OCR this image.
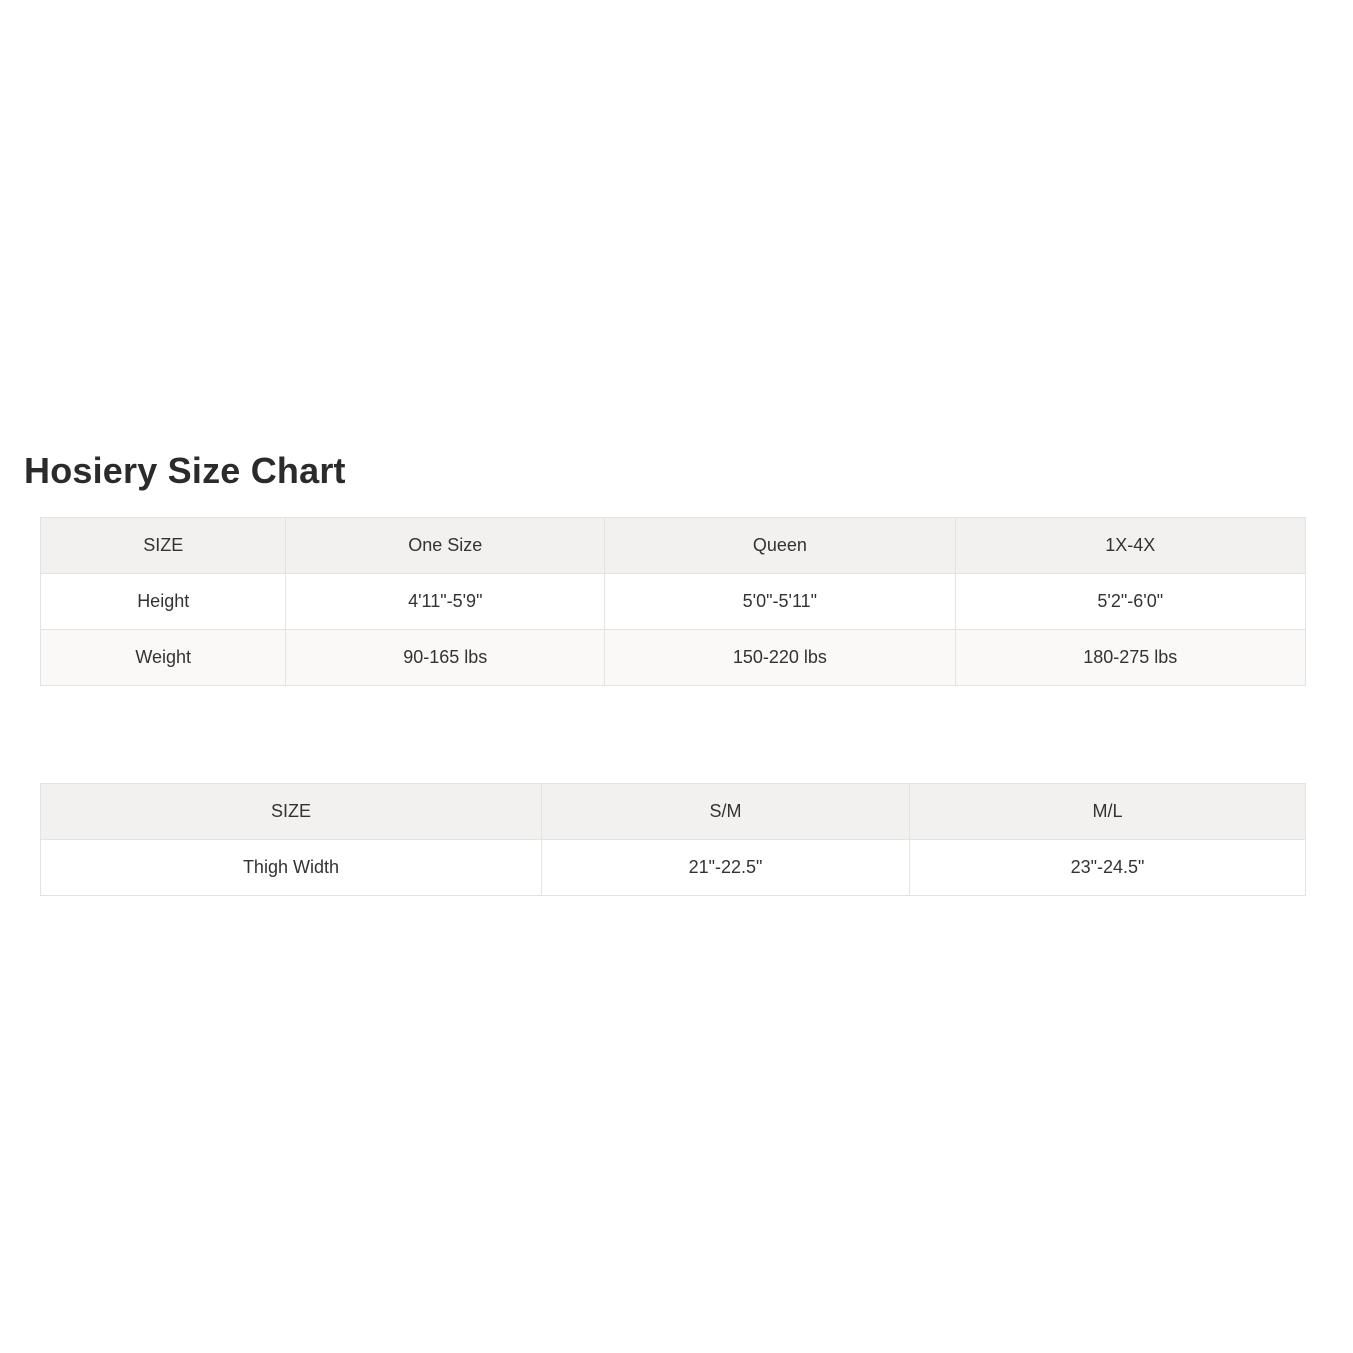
Hosiery Size Chart
SIZE	One Size	Queen	1X-4X
Height	4'11"-5'9"	5'0"-5'11"	5'2"-6'0"
Weight	90-165 lbs	150-220 lbs	180-275 lbs
SIZE	S/M	M/L
Thigh Width	21"-22.5"	23"-24.5"
